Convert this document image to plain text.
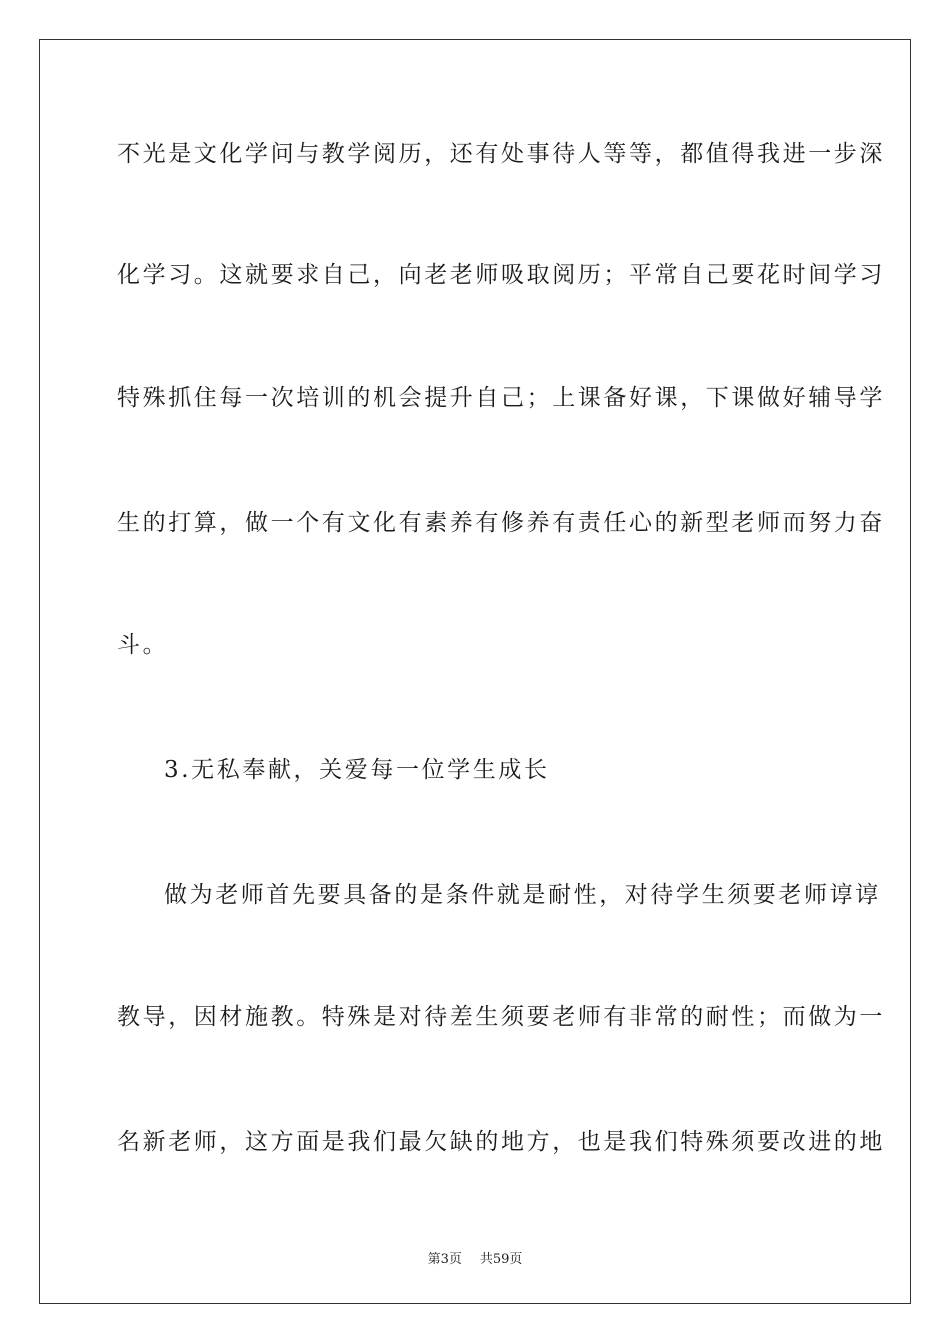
不光是文化学问与教学阅历，还有处事待人等等，都值得我进一步深
化学习。这就要求自己，向老老师吸取阅历；平常自己要花时间学习
特殊抓住每一次培训的机会提升自己；上课备好课，下课做好辅导学
生的打算，做一个有文化有素养有修养有责任心的新型老师而努力奋
斗。
3.无私奉献，关爱每一位学生成长
做为老师首先要具备的是条件就是耐性，对待学生须要老师谆谆
教导，因材施教。特殊是对待差生须要老师有非常的耐性；而做为一
名新老师，这方面是我们最欠缺的地方，也是我们特殊须要改进的地
第3页 共59页
